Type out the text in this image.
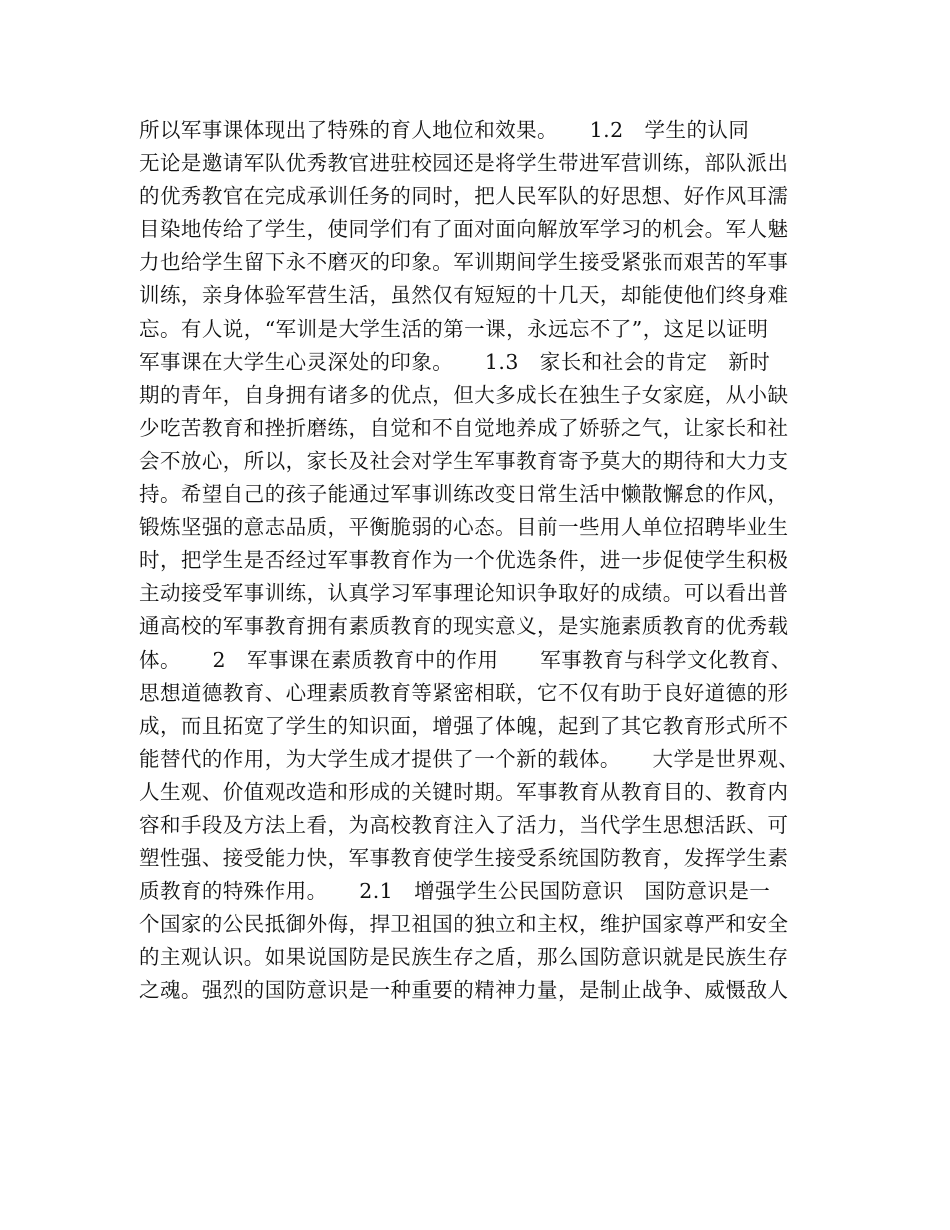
所以军事课体现出了特殊的育人地位和效果。　　1.2　学生的认同
无论是邀请军队优秀教官进驻校园还是将学生带进军营训练，部队派出
的优秀教官在完成承训任务的同时，把人民军队的好思想、好作风耳濡
目染地传给了学生，使同学们有了面对面向解放军学习的机会。军人魅
力也给学生留下永不磨灭的印象。军训期间学生接受紧张而艰苦的军事
训练，亲身体验军营生活，虽然仅有短短的十几天，却能使他们终身难
忘。有人说，“军训是大学生活的第一课，永远忘不了”，这足以证明
军事课在大学生心灵深处的印象。　　1.3　家长和社会的肯定　新时
期的青年，自身拥有诸多的优点，但大多成长在独生子女家庭，从小缺
少吃苦教育和挫折磨练，自觉和不自觉地养成了娇骄之气，让家长和社
会不放心，所以，家长及社会对学生军事教育寄予莫大的期待和大力支
持。希望自己的孩子能通过军事训练改变日常生活中懒散懈怠的作风，
锻炼坚强的意志品质，平衡脆弱的心态。目前一些用人单位招聘毕业生
时，把学生是否经过军事教育作为一个优选条件，进一步促使学生积极
主动接受军事训练，认真学习军事理论知识争取好的成绩。可以看出普
通高校的军事教育拥有素质教育的现实意义，是实施素质教育的优秀载
体。　　2　军事课在素质教育中的作用　　军事教育与科学文化教育、
思想道德教育、心理素质教育等紧密相联，它不仅有助于良好道德的形
成，而且拓宽了学生的知识面，增强了体魄，起到了其它教育形式所不
能替代的作用，为大学生成才提供了一个新的载体。　　大学是世界观、
人生观、价值观改造和形成的关键时期。军事教育从教育目的、教育内
容和手段及方法上看，为高校教育注入了活力，当代学生思想活跃、可
塑性强、接受能力快，军事教育使学生接受系统国防教育，发挥学生素
质教育的特殊作用。　　2.1　增强学生公民国防意识　国防意识是一
个国家的公民抵御外侮，捍卫祖国的独立和主权，维护国家尊严和安全
的主观认识。如果说国防是民族生存之盾，那么国防意识就是民族生存
之魂。强烈的国防意识是一种重要的精神力量，是制止战争、威慑敌人
